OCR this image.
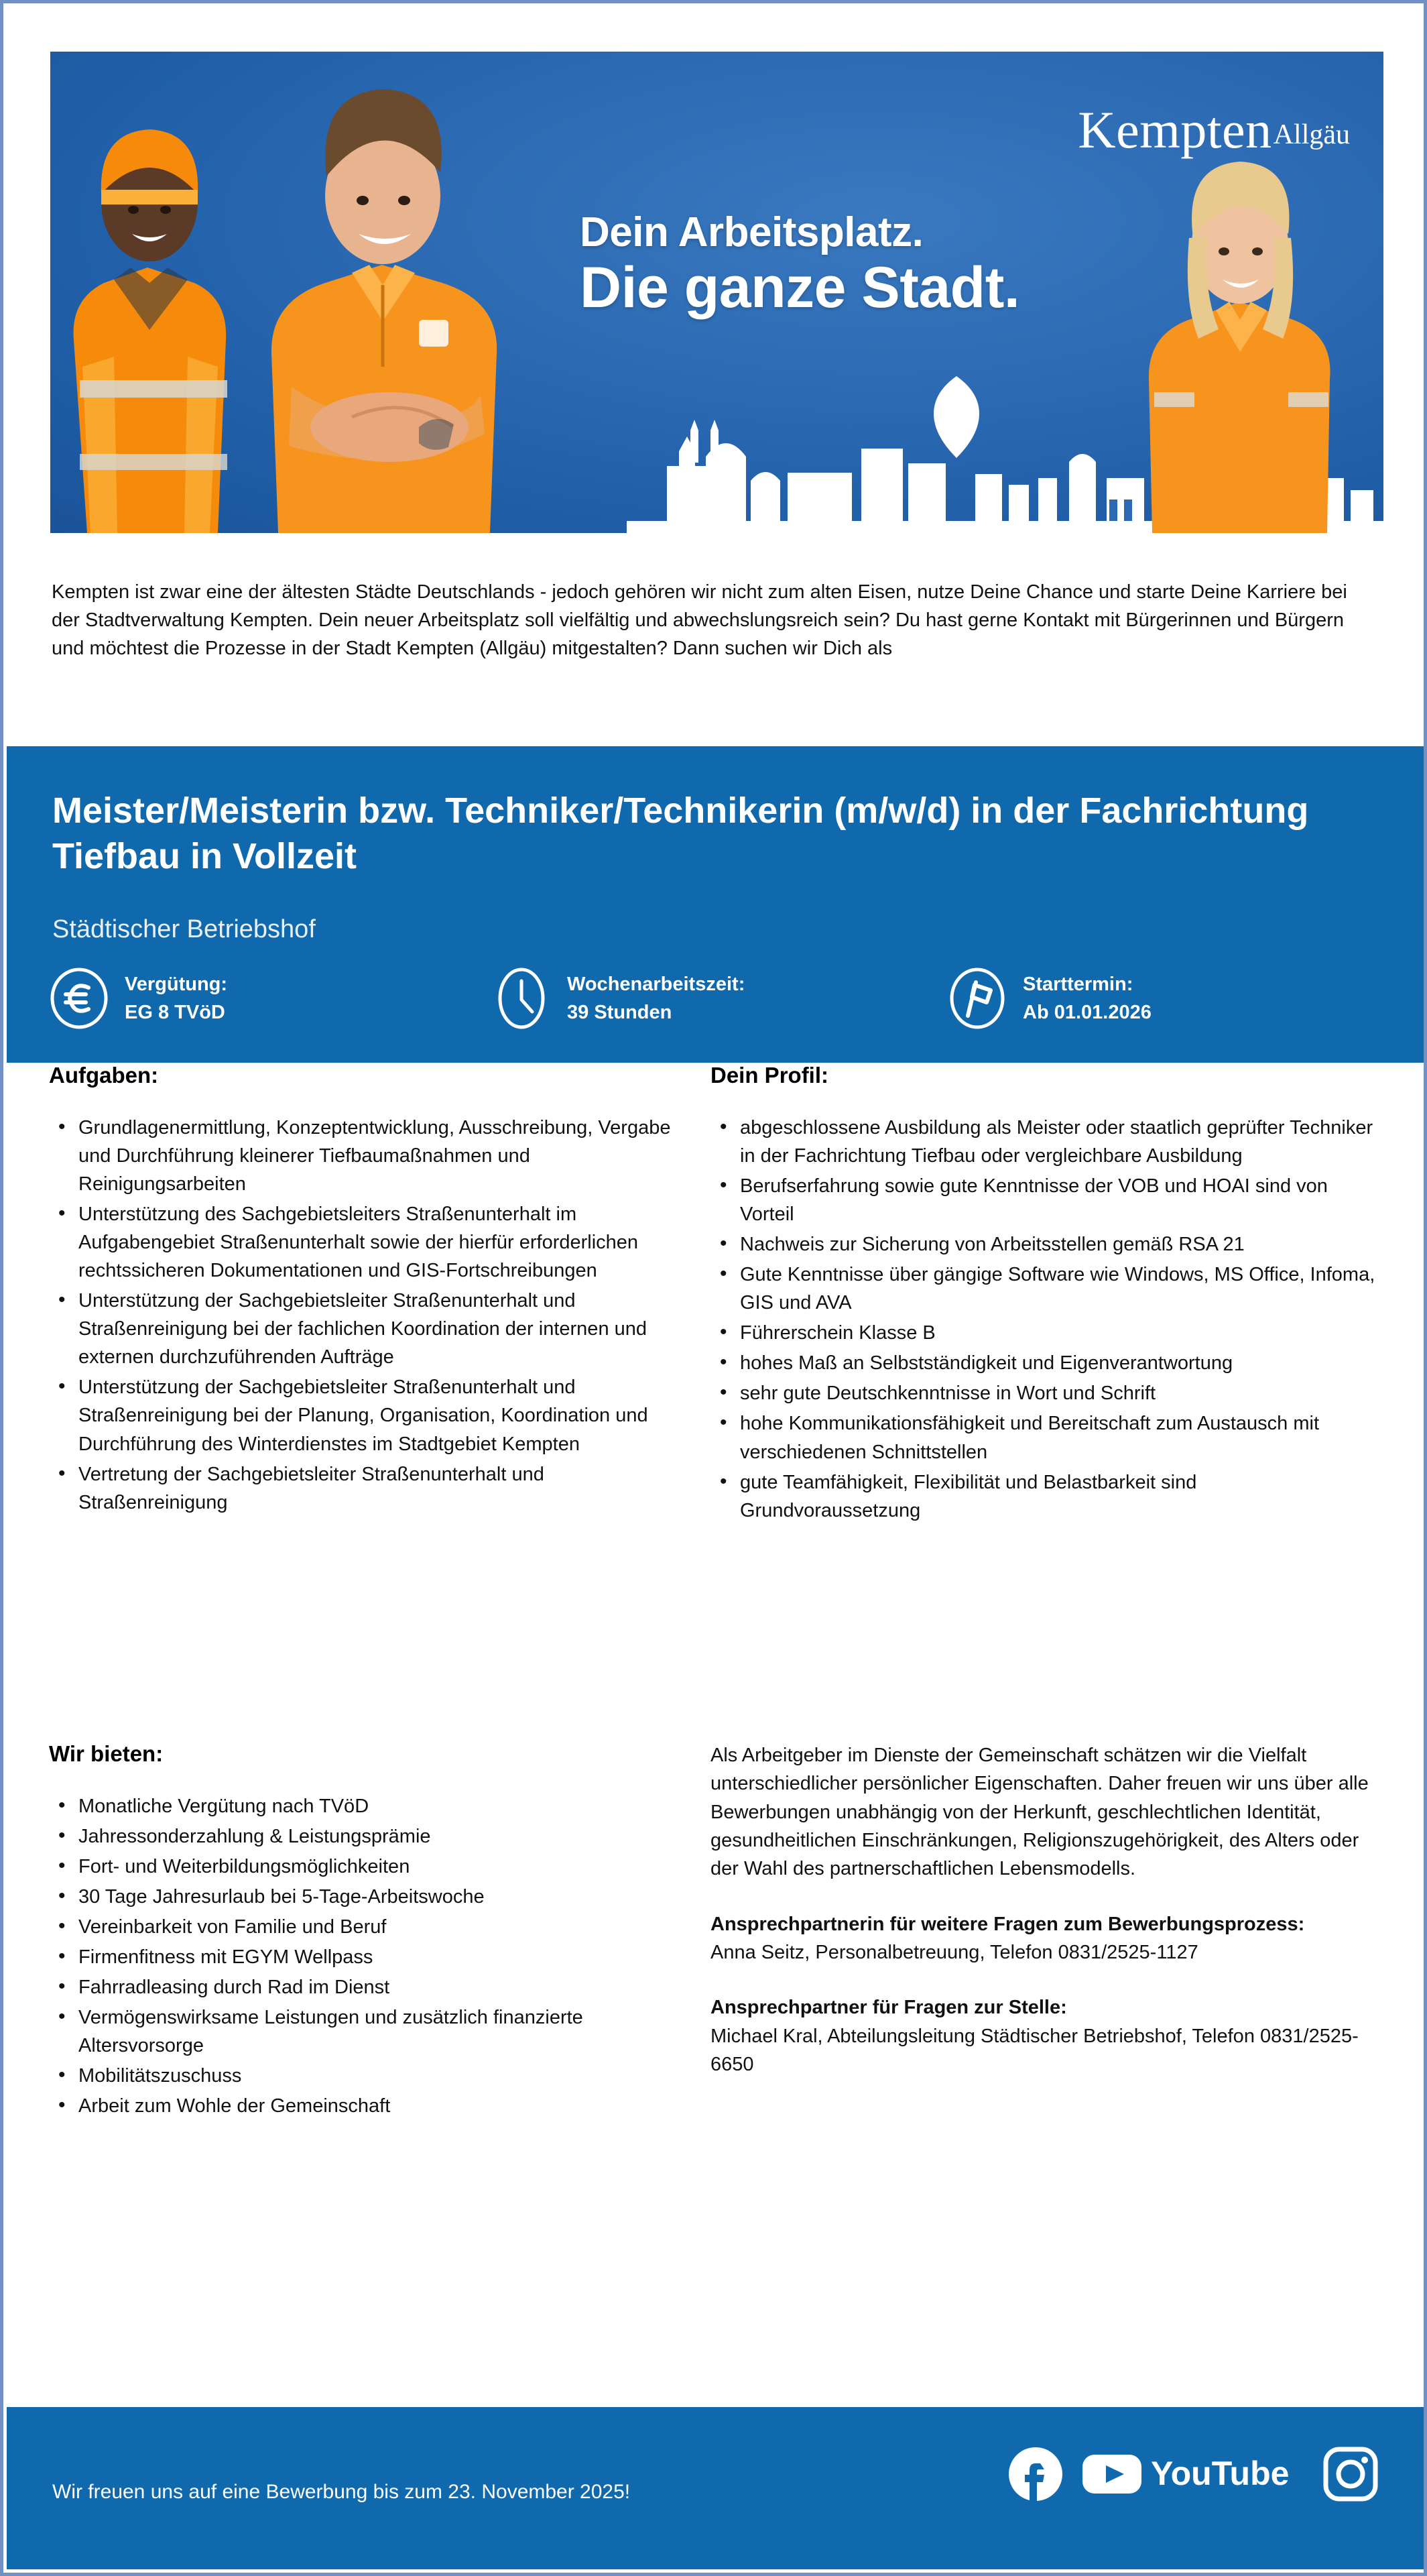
Dein Arbeitsplatz.
Die ganze Stadt.
KemptenAllgäu

Kempten ist zwar eine der ältesten Städte Deutschlands - jedoch gehören wir nicht zum alten Eisen, nutze Deine Chance und starte Deine Karriere bei der Stadtverwaltung Kempten. Dein neuer Arbeitsplatz soll vielfältig und abwechslungsreich sein? Du hast gerne Kontakt mit Bürgerinnen und Bürgern und möchtest die Prozesse in der Stadt Kempten (Allgäu) mitgestalten? Dann suchen wir Dich als

Meister/Meisterin bzw. Techniker/Technikerin (m/w/d) in der Fachrichtung Tiefbau in Vollzeit
Städtischer Betriebshof
Vergütung:
EG 8 TVöD
Wochenarbeitszeit:
39 Stunden
Starttermin:
Ab 01.01.2026
Aufgaben:
• Grundlagenermittlung, Konzeptentwicklung, Ausschreibung, Vergabe und Durchführung kleinerer Tiefbaumaßnahmen und Reinigungsarbeiten
• Unterstützung des Sachgebietsleiters Straßenunterhalt im Aufgabengebiet Straßenunterhalt sowie der hierfür erforderlichen rechtssicheren Dokumentationen und GIS-Fortschreibungen
• Unterstützung der Sachgebietsleiter Straßenunterhalt und Straßenreinigung bei der fachlichen Koordination der internen und externen durchzuführenden Aufträge
• Unterstützung der Sachgebietsleiter Straßenunterhalt und Straßenreinigung bei der Planung, Organisation, Koordination und Durchführung des Winterdienstes im Stadtgebiet Kempten
• Vertretung der Sachgebietsleiter Straßenunterhalt und Straßenreinigung
Dein Profil:
• abgeschlossene Ausbildung als Meister oder staatlich geprüfter Techniker in der Fachrichtung Tiefbau oder vergleichbare Ausbildung
• Berufserfahrung sowie gute Kenntnisse der VOB und HOAI sind von Vorteil
• Nachweis zur Sicherung von Arbeitsstellen gemäß RSA 21
• Gute Kenntnisse über gängige Software wie Windows, MS Office, Infoma, GIS und AVA
• Führerschein Klasse B
• hohes Maß an Selbstständigkeit und Eigenverantwortung
• sehr gute Deutschkenntnisse in Wort und Schrift
• hohe Kommunikationsfähigkeit und Bereitschaft zum Austausch mit verschiedenen Schnittstellen
• gute Teamfähigkeit, Flexibilität und Belastbarkeit sind Grundvoraussetzung
Wir bieten:
• Monatliche Vergütung nach TVöD
• Jahressonderzahlung & Leistungsprämie
• Fort- und Weiterbildungsmöglichkeiten
• 30 Tage Jahresurlaub bei 5-Tage-Arbeitswoche
• Vereinbarkeit von Familie und Beruf
• Firmenfitness mit EGYM Wellpass
• Fahrradleasing durch Rad im Dienst
• Vermögenswirksame Leistungen und zusätzlich finanzierte Altersvorsorge
• Mobilitätszuschuss
• Arbeit zum Wohle der Gemeinschaft

Als Arbeitgeber im Dienste der Gemeinschaft schätzen wir die Vielfalt unterschiedlicher persönlicher Eigenschaften. Daher freuen wir uns über alle Bewerbungen unabhängig von der Herkunft, geschlechtlichen Identität, gesundheitlichen Einschränkungen, Religionszugehörigkeit, des Alters oder der Wahl des partnerschaftlichen Lebensmodells.

Ansprechpartnerin für weitere Fragen zum Bewerbungsprozess:

Anna Seitz, Personalbetreuung, Telefon 0831/2525-1127

Ansprechpartner für Fragen zur Stelle:

Michael Kral, Abteilungsleitung Städtischer Betriebshof, Telefon 0831/2525-6650

Wir freuen uns auf eine Bewerbung bis zum 23. November 2025!	YouTube
